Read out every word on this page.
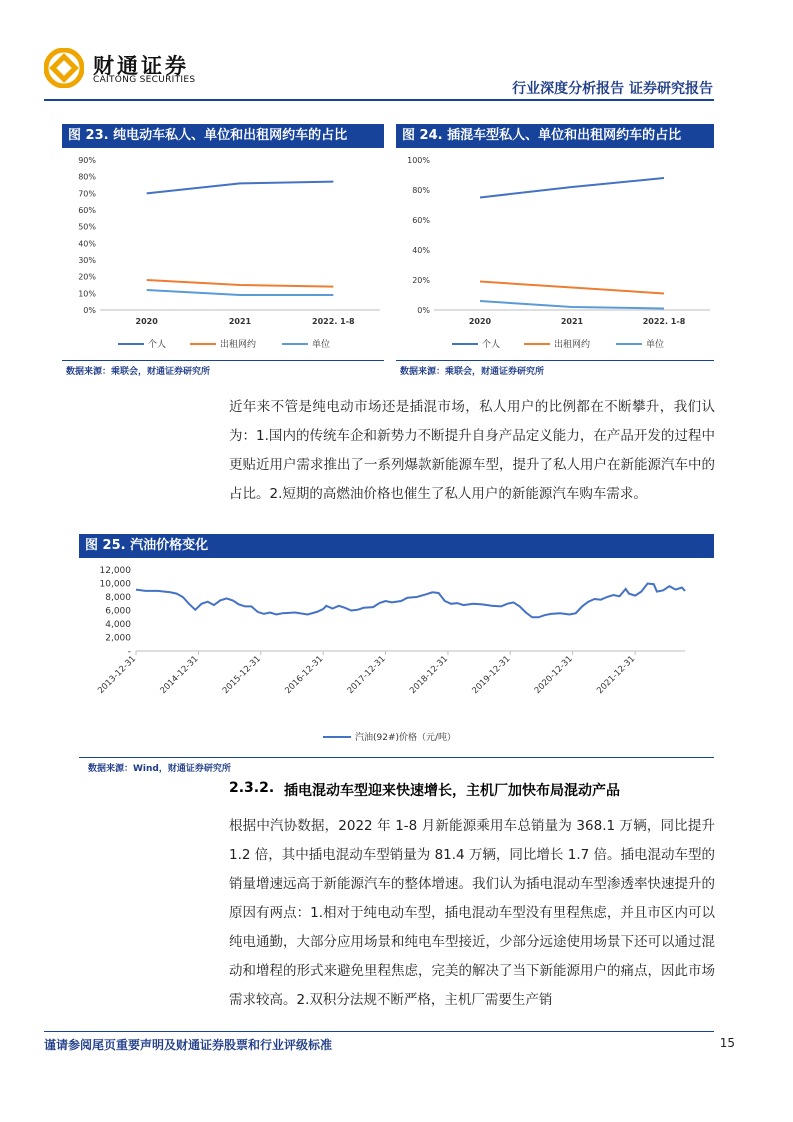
财通证券
CAITONG SECURITIES
行业深度分析报告 证券研究报告
图 23. 纯电动车私人、单位和出租网约车的占比
0%
10%
20%
30%
40%
50%
60%
70%
80%
90%
2020	2021	2022. 1-8
个人	出租网约	单位
数据来源：乘联会，财通证券研究所
图 24. 插混车型私人、单位和出租网约车的占比
0%
20%
40%
60%
80%
100%
2020	2021	2022. 1-8
个人	出租网约	单位
数据来源：乘联会，财通证券研究所
近年来不管是纯电动市场还是插混市场，私人用户的比例都在不断攀升，我们认为：1.国内的传统车企和新势力不断提升自身产品定义能力，在产品开发的过程中更贴近用户需求推出了一系列爆款新能源车型，提升了私人用户在新能源汽车中的占比。2.短期的高燃油价格也催生了私人用户的新能源汽车购车需求。
图 25. 汽油价格变化
-
2,000
4,000
6,000
8,000
10,000
12,000
2013-12-31 2014-12-31 2015-12-31 2016-12-31 2017-12-31 2018-12-31 2019-12-31 2020-12-31 2021-12-31
汽油(92#)价格（元/吨）
数据来源：Wind，财通证券研究所
2.3.2. 插电混动车型迎来快速增长，主机厂加快布局混动产品
根据中汽协数据，2022 年 1-8 月新能源乘用车总销量为 368.1 万辆，同比提升 1.2 倍，其中插电混动车型销量为 81.4 万辆，同比增长 1.7 倍。插电混动车型的销量增速远高于新能源汽车的整体增速。我们认为插电混动车型渗透率快速提升的原因有两点：1.相对于纯电动车型，插电混动车型没有里程焦虑，并且市区内可以纯电通勤，大部分应用场景和纯电车型接近，少部分远途使用场景下还可以通过混动和增程的形式来避免里程焦虑，完美的解决了当下新能源用户的痛点，因此市场需求较高。2.双积分法规不断严格，主机厂需要生产销
谨请参阅尾页重要声明及财通证券股票和行业评级标准	15
